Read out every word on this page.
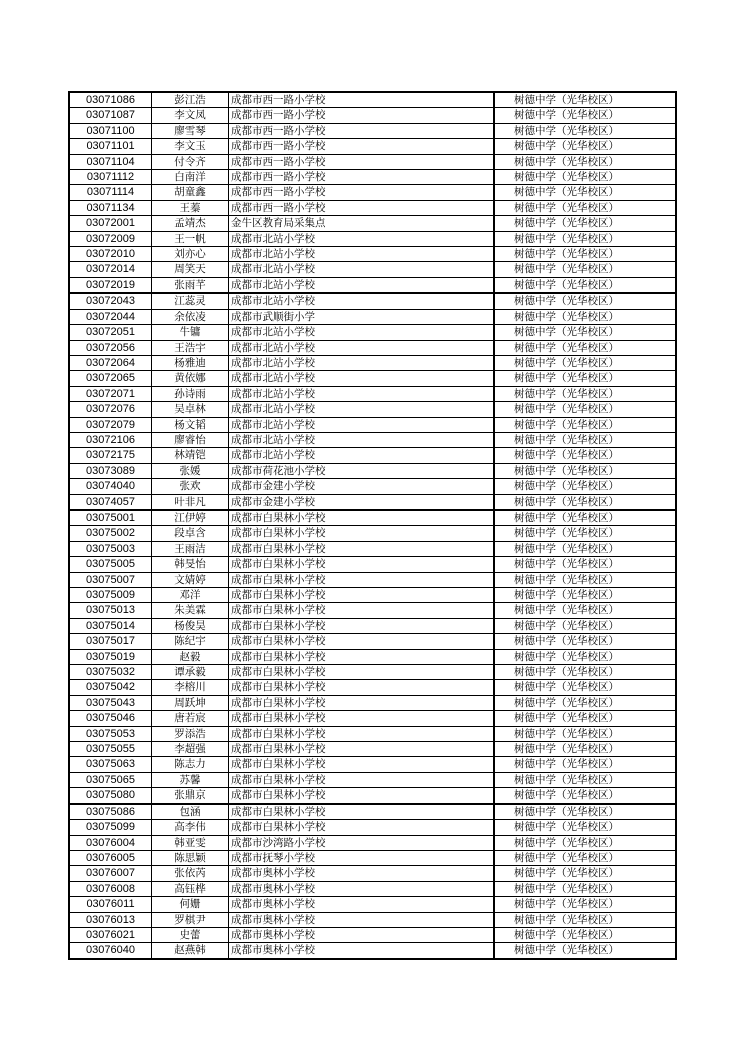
03071086	彭江浩	成都市西一路小学校		树德中学（光华校区）
03071087	李文凤	成都市西一路小学校		树德中学（光华校区）
03071100	廖雪琴	成都市西一路小学校		树德中学（光华校区）
03071101	李文玉	成都市西一路小学校		树德中学（光华校区）
03071104	付令齐	成都市西一路小学校		树德中学（光华校区）
03071112	白南洋	成都市西一路小学校		树德中学（光华校区）
03071114	胡童鑫	成都市西一路小学校		树德中学（光华校区）
03071134	王蓁	成都市西一路小学校		树德中学（光华校区）
03072001	孟靖杰	金牛区教育局采集点		树德中学（光华校区）
03072009	王一帆	成都市北站小学校		树德中学（光华校区）
03072010	刘亦心	成都市北站小学校		树德中学（光华校区）
03072014	周笑天	成都市北站小学校		树德中学（光华校区）
03072019	张雨芊	成都市北站小学校		树德中学（光华校区）
03072043	江蕊灵	成都市北站小学校		树德中学（光华校区）
03072044	余依凌	成都市武顺街小学		树德中学（光华校区）
03072051	牛镛	成都市北站小学校		树德中学（光华校区）
03072056	王浩宇	成都市北站小学校		树德中学（光华校区）
03072064	杨雅迪	成都市北站小学校		树德中学（光华校区）
03072065	黄依娜	成都市北站小学校		树德中学（光华校区）
03072071	孙诗雨	成都市北站小学校		树德中学（光华校区）
03072076	吴卓林	成都市北站小学校		树德中学（光华校区）
03072079	杨文韬	成都市北站小学校		树德中学（光华校区）
03072106	廖睿怡	成都市北站小学校		树德中学（光华校区）
03072175	林靖铠	成都市北站小学校		树德中学（光华校区）
03073089	张媛	成都市荷花池小学校		树德中学（光华校区）
03074040	张欢	成都市金建小学校		树德中学（光华校区）
03074057	叶非凡	成都市金建小学校		树德中学（光华校区）
03075001	江伊婷	成都市白果林小学校		树德中学（光华校区）
03075002	段卓含	成都市白果林小学校		树德中学（光华校区）
03075003	王雨洁	成都市白果林小学校		树德中学（光华校区）
03075005	韩旻怡	成都市白果林小学校		树德中学（光华校区）
03075007	文婧婷	成都市白果林小学校		树德中学（光华校区）
03075009	邓洋	成都市白果林小学校		树德中学（光华校区）
03075013	朱美霖	成都市白果林小学校		树德中学（光华校区）
03075014	杨俊昊	成都市白果林小学校		树德中学（光华校区）
03075017	陈纪宇	成都市白果林小学校		树德中学（光华校区）
03075019	赵毅	成都市白果林小学校		树德中学（光华校区）
03075032	谭承毅	成都市白果林小学校		树德中学（光华校区）
03075042	李榕川	成都市白果林小学校		树德中学（光华校区）
03075043	周跃坤	成都市白果林小学校		树德中学（光华校区）
03075046	唐若宸	成都市白果林小学校		树德中学（光华校区）
03075053	罗添浩	成都市白果林小学校		树德中学（光华校区）
03075055	李超强	成都市白果林小学校		树德中学（光华校区）
03075063	陈志力	成都市白果林小学校		树德中学（光华校区）
03075065	苏馨	成都市白果林小学校		树德中学（光华校区）
03075080	张鼎京	成都市白果林小学校		树德中学（光华校区）
03075086	包涵	成都市白果林小学校		树德中学（光华校区）
03075099	高李伟	成都市白果林小学校		树德中学（光华校区）
03076004	韩亚雯	成都市沙湾路小学校		树德中学（光华校区）
03076005	陈思颖	成都市抚琴小学校		树德中学（光华校区）
03076007	张依芮	成都市奥林小学校		树德中学（光华校区）
03076008	高钰桦	成都市奥林小学校		树德中学（光华校区）
03076011	何姗	成都市奥林小学校		树德中学（光华校区）
03076013	罗棋尹	成都市奥林小学校		树德中学（光华校区）
03076021	史蕾	成都市奥林小学校		树德中学（光华校区）
03076040	赵燕韩	成都市奥林小学校		树德中学（光华校区）
